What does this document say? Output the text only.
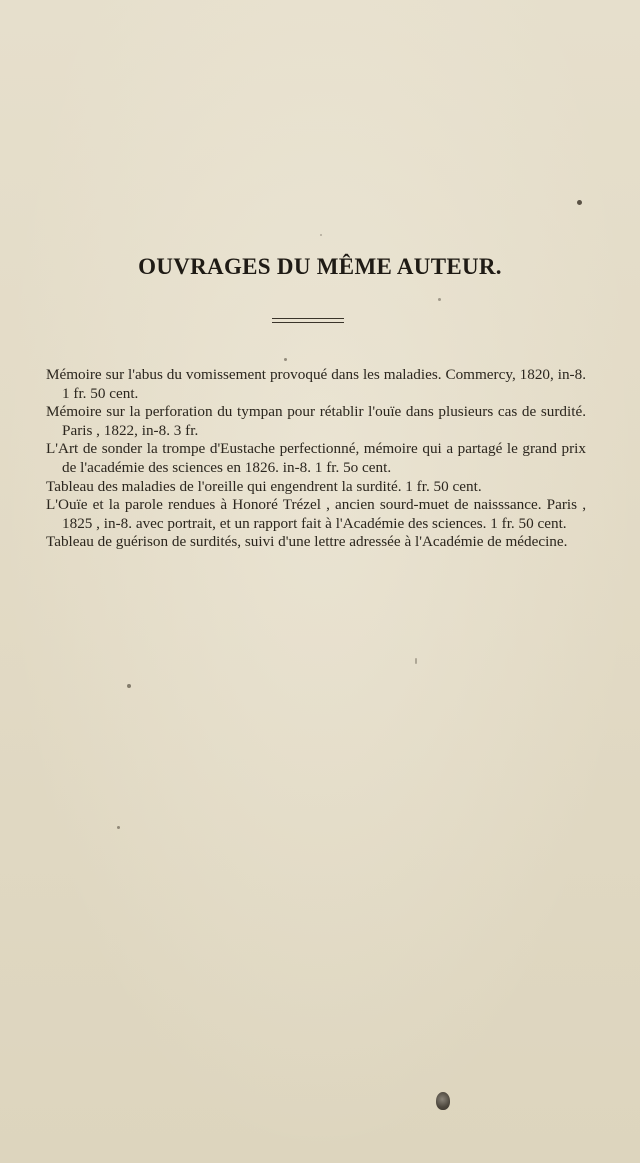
OUVRAGES DU MÊME AUTEUR.

Mémoire sur l'abus du vomissement provoqué dans les maladies. Commercy, 1820, in-8. 1 fr. 50 cent.

Mémoire sur la perforation du tympan pour rétablir l'ouïe dans plusieurs cas de surdité. Paris , 1822, in-8. 3 fr.

L'Art de sonder la trompe d'Eustache perfectionné, mémoire qui a partagé le grand prix de l'académie des sciences en 1826. in-8. 1 fr. 5o cent.

Tableau des maladies de l'oreille qui engendrent la surdité. 1 fr. 50 cent.

L'Ouïe et la parole rendues à Honoré Trézel , ancien sourd-muet de naisssance. Paris , 1825 , in-8. avec portrait, et un rapport fait à l'Académie des sciences. 1 fr. 50 cent.

Tableau de guérison de surdités, suivi d'une lettre adressée à l'Académie de médecine.
